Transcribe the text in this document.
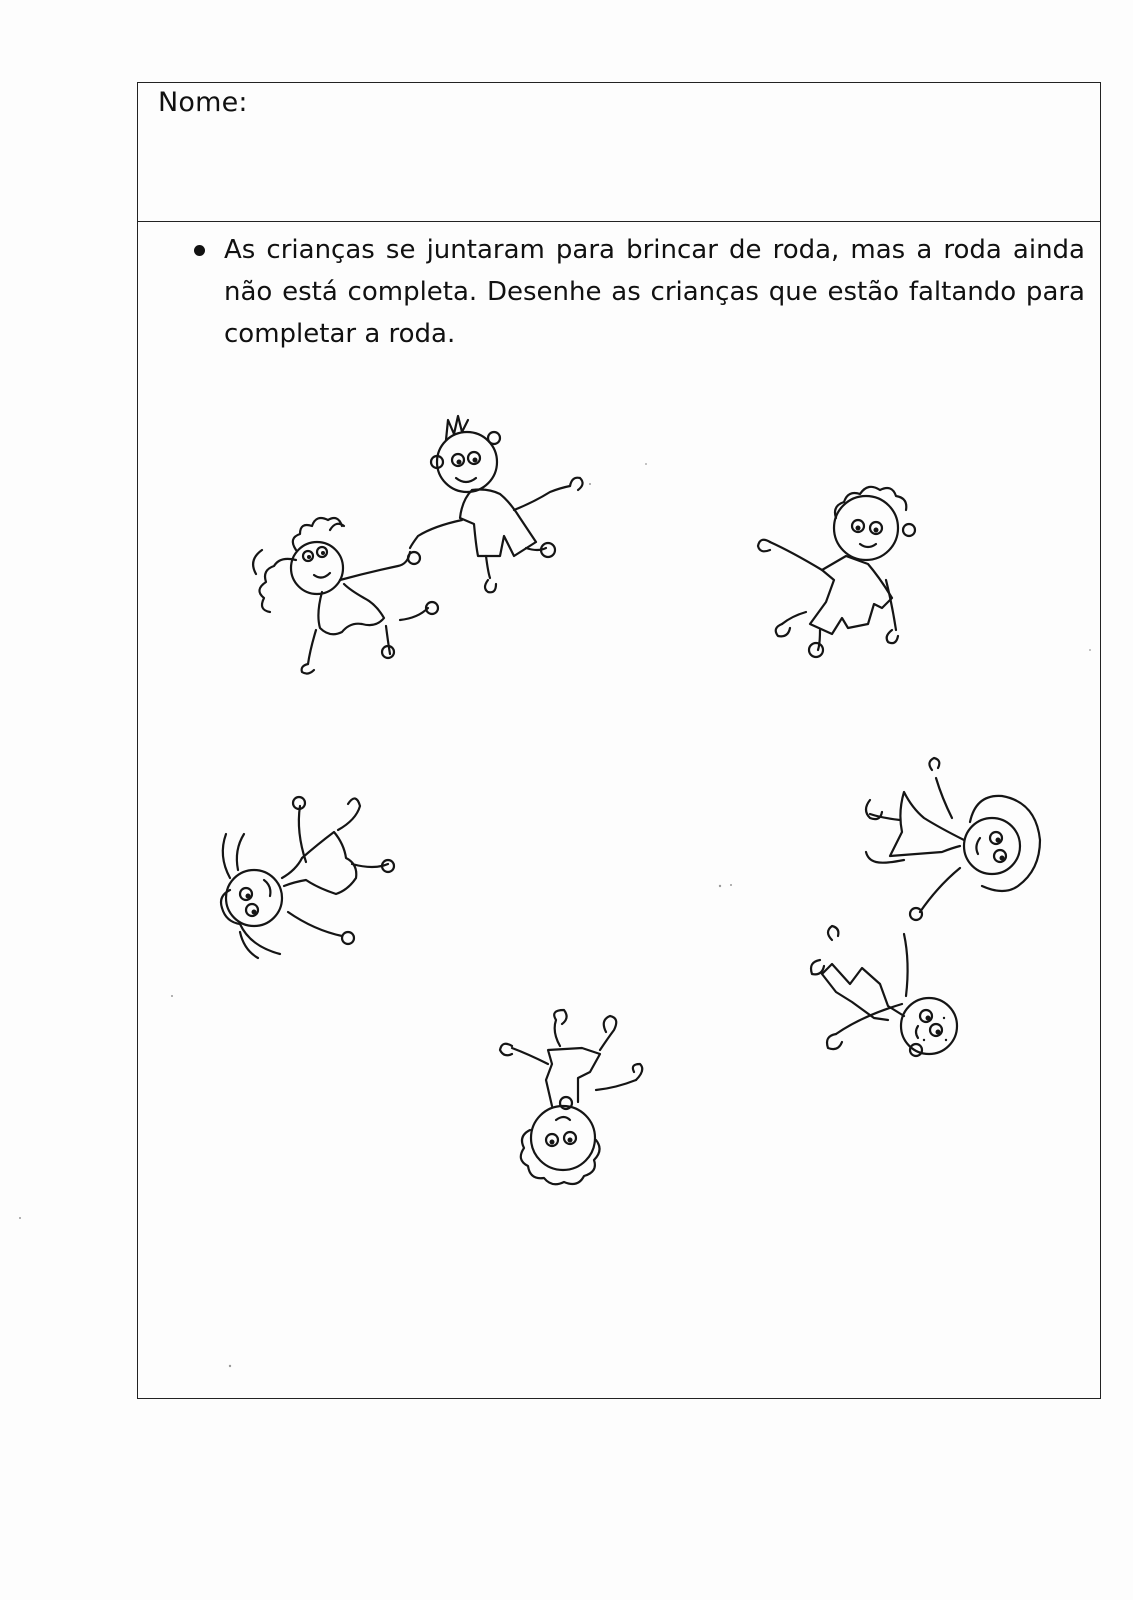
Nome:

As crianças se juntaram para brincar de roda, mas a roda ainda não está completa. Desenhe as crianças que estão faltando para completar a roda.
